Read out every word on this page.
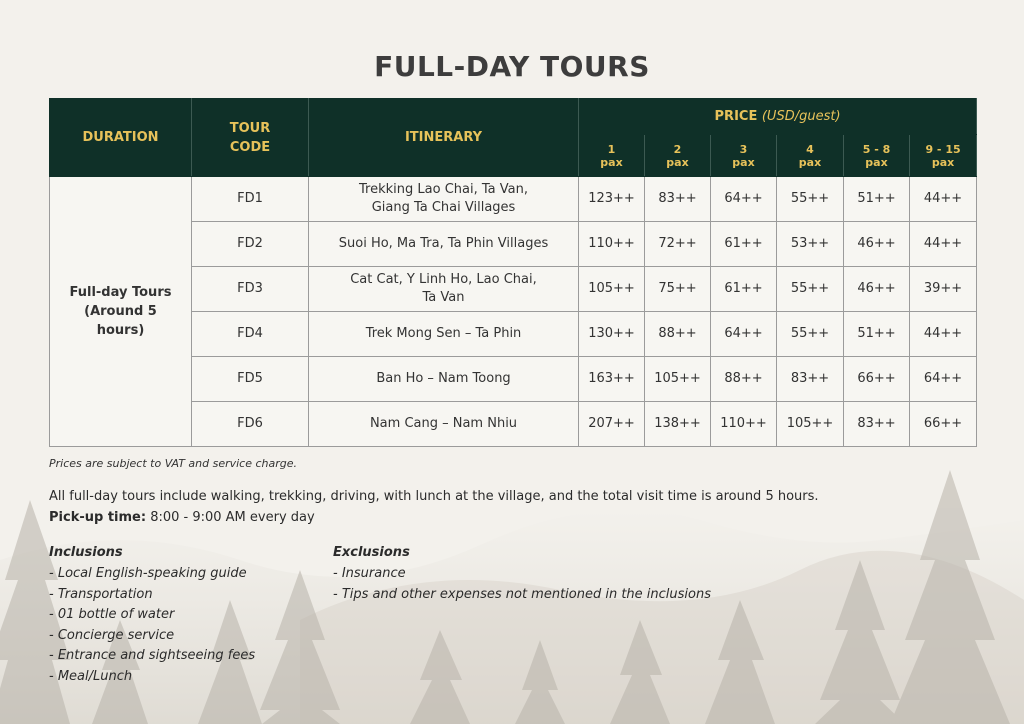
FULL-DAY TOURS
DURATION	TOUR CODE	ITINERARY	PRICE (USD/guest)					
			1 pax	2 pax	3 pax	4 pax	5 - 8 pax	9 - 15 pax
Full-day Tours (Around 5 hours)	FD1	Trekking Lao Chai, Ta Van, Giang Ta Chai Villages	123++	83++	64++	55++	51++	44++
	FD2	Suoi Ho, Ma Tra, Ta Phin Villages	110++	72++	61++	53++	46++	44++
	FD3	Cat Cat, Y Linh Ho, Lao Chai, Ta Van	105++	75++	61++	55++	46++	39++
	FD4	Trek Mong Sen – Ta Phin	130++	88++	64++	55++	51++	44++
	FD5	Ban Ho – Nam Toong	163++	105++	88++	83++	66++	64++
	FD6	Nam Cang – Nam Nhiu	207++	138++	110++	105++	83++	66++

Prices are subject to VAT and service charge.

All full-day tours include walking, trekking, driving, with lunch at the village, and the total visit time is around 5 hours.

Pick-up time: 8:00 - 9:00 AM every day

Inclusions
- Local English-speaking guide
- Transportation
- 01 bottle of water
- Concierge service
- Entrance and sightseeing fees
- Meal/Lunch
Exclusions
- Insurance
- Tips and other expenses not mentioned in the inclusions
